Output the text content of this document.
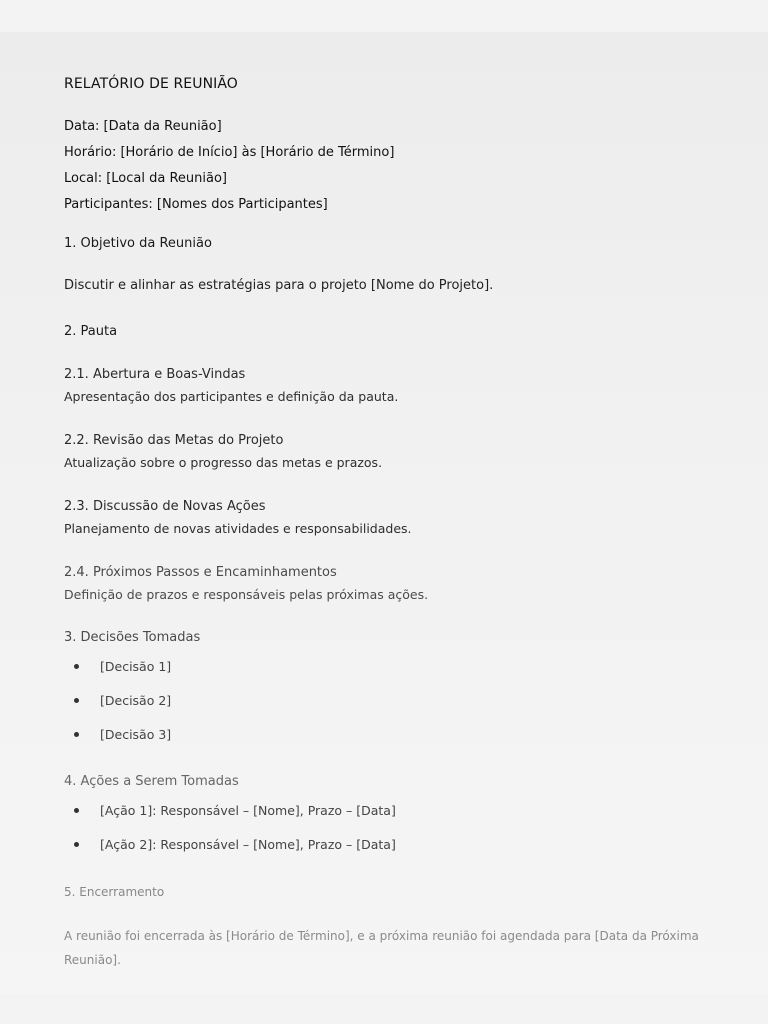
RELATÓRIO DE REUNIÃO

Data: [Data da Reunião]

Horário: [Horário de Início] às [Horário de Término]

Local: [Local da Reunião]

Participantes: [Nomes dos Participantes]

1. Objetivo da Reunião

Discutir e alinhar as estratégias para o projeto [Nome do Projeto].

2. Pauta

2.1. Abertura e Boas-Vindas

Apresentação dos participantes e definição da pauta.

2.2. Revisão das Metas do Projeto

Atualização sobre o progresso das metas e prazos.

2.3. Discussão de Novas Ações

Planejamento de novas atividades e responsabilidades.

2.4. Próximos Passos e Encaminhamentos

Definição de prazos e responsáveis pelas próximas ações.

3. Decisões Tomadas

[Decisão 1]
[Decisão 2]
[Decisão 3]

4. Ações a Serem Tomadas

[Ação 1]: Responsável – [Nome], Prazo – [Data]
[Ação 2]: Responsável – [Nome], Prazo – [Data]

5. Encerramento

A reunião foi encerrada às [Horário de Término], e a próxima reunião foi agendada para [Data da Próxima Reunião].
